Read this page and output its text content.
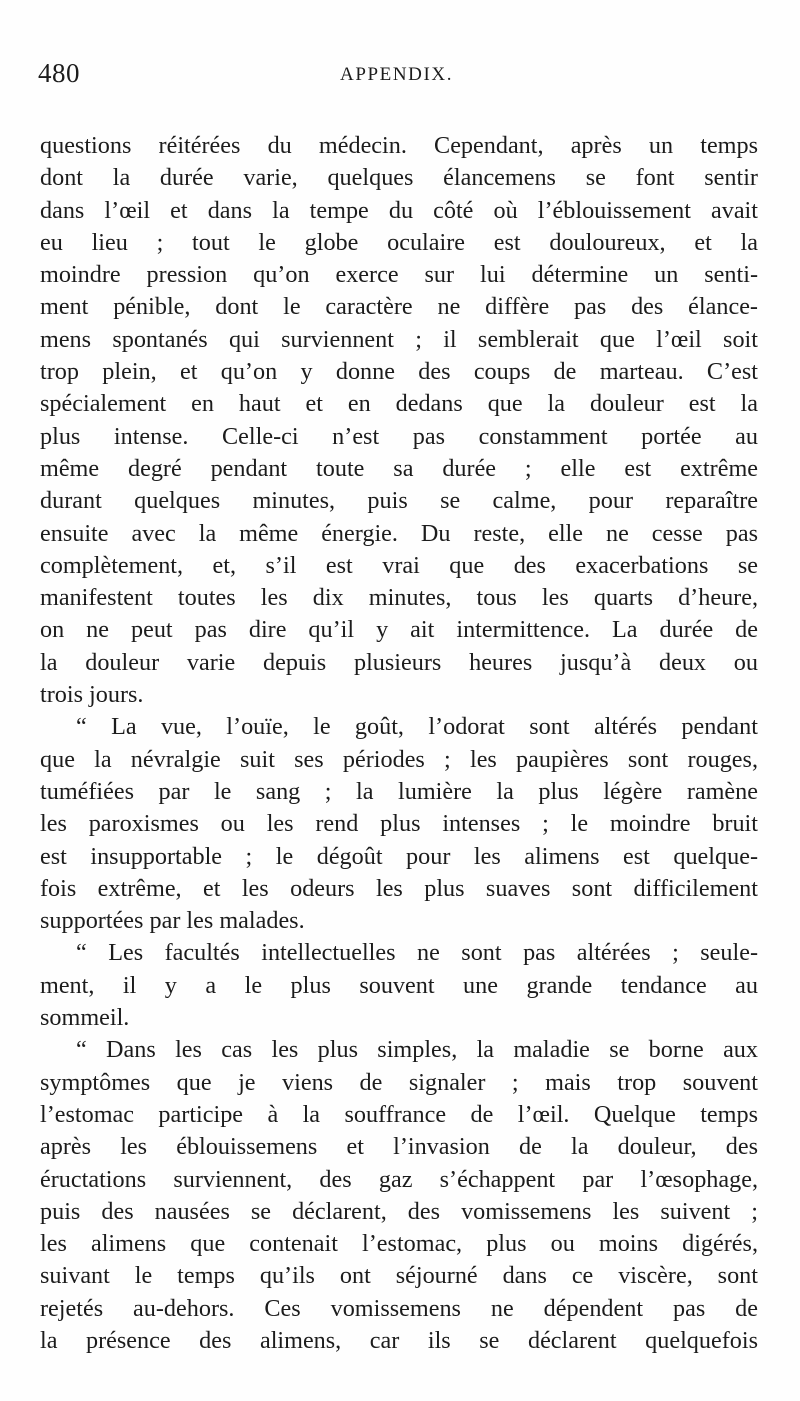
480	APPENDIX.
questions réitérées du médecin. Cependant, après un temps
dont la durée varie, quelques élancemens se font sentir
dans l’œil et dans la tempe du côté où l’éblouissement avait
eu lieu ; tout le globe oculaire est douloureux, et la
moindre pression qu’on exerce sur lui détermine un senti-
ment pénible, dont le caractère ne diffère pas des élance-
mens spontanés qui surviennent ; il semblerait que l’œil soit
trop plein, et qu’on y donne des coups de marteau. C’est
spécialement en haut et en dedans que la douleur est la
plus intense. Celle-ci n’est pas constamment portée au
même degré pendant toute sa durée ; elle est extrême
durant quelques minutes, puis se calme, pour reparaître
ensuite avec la même énergie. Du reste, elle ne cesse pas
complètement, et, s’il est vrai que des exacerbations se
manifestent toutes les dix minutes, tous les quarts d’heure,
on ne peut pas dire qu’il y ait intermittence. La durée de
la douleur varie depuis plusieurs heures jusqu’à deux ou
trois jours.
“ La vue, l’ouïe, le goût, l’odorat sont altérés pendant
que la névralgie suit ses périodes ; les paupières sont rouges,
tuméfiées par le sang ; la lumière la plus légère ramène
les paroxismes ou les rend plus intenses ; le moindre bruit
est insupportable ; le dégoût pour les alimens est quelque-
fois extrême, et les odeurs les plus suaves sont difficilement
supportées par les malades.
“ Les facultés intellectuelles ne sont pas altérées ; seule-
ment, il y a le plus souvent une grande tendance au
sommeil.
“ Dans les cas les plus simples, la maladie se borne aux
symptômes que je viens de signaler ; mais trop souvent
l’estomac participe à la souffrance de l’œil. Quelque temps
après les éblouissemens et l’invasion de la douleur, des
éructations surviennent, des gaz s’échappent par l’œsophage,
puis des nausées se déclarent, des vomissemens les suivent ;
les alimens que contenait l’estomac, plus ou moins digérés,
suivant le temps qu’ils ont séjourné dans ce viscère, sont
rejetés au-dehors. Ces vomissemens ne dépendent pas de
la présence des alimens, car ils se déclarent quelquefois
